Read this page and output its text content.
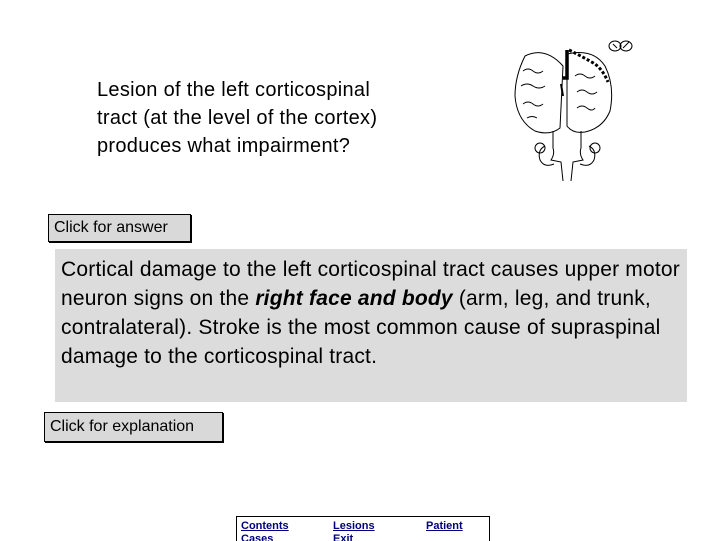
Lesion of the left corticospinal
tract (at the level of the cortex)
produces what impairment?
Click for answer

Cortical damage to the left corticospinal tract causes upper motor neuron signs on the right face and body (arm, leg, and trunk, contralateral). Stroke is the most common cause of supraspinal damage to the corticospinal tract.

Click for explanation
Contents	Lesions	Patient
Cases	Exit
